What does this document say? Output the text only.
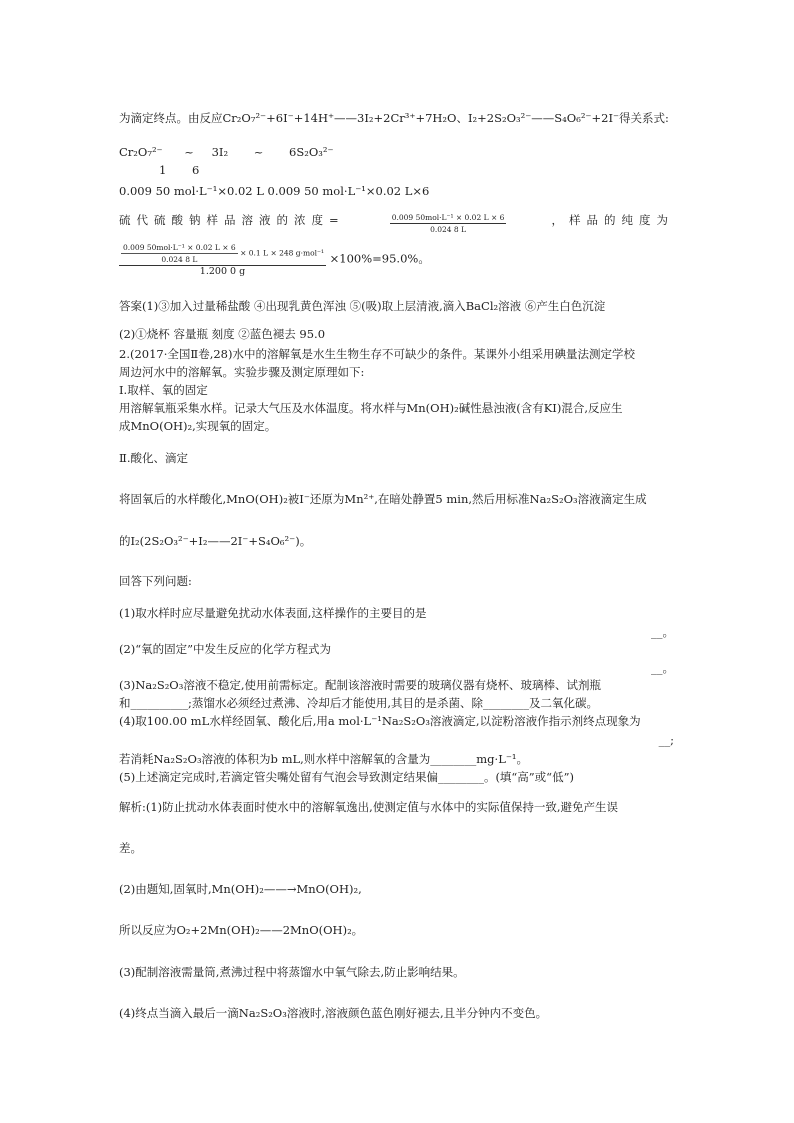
为滴定终点。由反应Cr₂O₇²⁻+6I⁻+14H⁺——3I₂+2Cr³⁺+7H₂O、I₂+2S₂O₃²⁻——S₄O₆²⁻+2I⁻得关系式:
Cr₂O₇²⁻ ~ 3I₂ ~ 6S₂O₃²⁻
1 6
0.009 50 mol·L⁻¹×0.02 L 0.009 50 mol·L⁻¹×0.02 L×6
硫代硫酸钠样品溶液的浓度=	$\frac{\text{0.009 50mol·L⁻¹ × 0.02 L × 6}}{0.024 8 L}$	，样品的纯度为
$\frac{\text{0.009 50mol·L⁻¹ × 0.02 L × 6}}{0.024 8 L} \times 0.1$ L × 248 g·mol⁻¹
1.200 0 g
×100%=95.0%。
答案(1)③加入过量稀盐酸 ④出现乳黄色浑浊 ⑤(吸)取上层清液,滴入BaCl₂溶液 ⑥产生白色沉淀
(2)①烧杯 容量瓶 刻度 ②蓝色褪去 95.0
2.(2017·全国Ⅱ卷,28)水中的溶解氧是水生生物生存不可缺少的条件。某课外小组采用碘量法测定学校
周边河水中的溶解氧。实验步骤及测定原理如下:
Ⅰ.取样、氧的固定
用溶解氧瓶采集水样。记录大气压及水体温度。将水样与Mn(OH)₂碱性悬浊液(含有KI)混合,反应生
成MnO(OH)₂,实现氧的固定。
Ⅱ.酸化、滴定
将固氧后的水样酸化,MnO(OH)₂被I⁻还原为Mn²⁺,在暗处静置5 min,然后用标准Na₂S₂O₃溶液滴定生成
的I₂(2S₂O₃²⁻+I₂——2I⁻+S₄O₆²⁻)。
回答下列问题:
(1)取水样时应尽量避免扰动水体表面,这样操作的主要目的是
__。
(2)“氧的固定”中发生反应的化学方程式为
__。
(3)Na₂S₂O₃溶液不稳定,使用前需标定。配制该溶液时需要的玻璃仪器有烧杯、玻璃棒、试剂瓶
和__________;蒸馏水必须经过煮沸、冷却后才能使用,其目的是杀菌、除________及二氧化碳。
(4)取100.00 mL水样经固氧、酸化后,用a mol·L⁻¹Na₂S₂O₃溶液滴定,以淀粉溶液作指示剂终点现象为
__;
若消耗Na₂S₂O₃溶液的体积为b mL,则水样中溶解氧的含量为________mg·L⁻¹。
(5)上述滴定完成时,若滴定管尖嘴处留有气泡会导致测定结果偏________。(填“高”或“低”)
解析:(1)防止扰动水体表面时使水中的溶解氧逸出,使测定值与水体中的实际值保持一致,避免产生误
差。
(2)由题知,固氧时,Mn(OH)₂——→MnO(OH)₂,
所以反应为O₂+2Mn(OH)₂——2MnO(OH)₂。
(3)配制溶液需量筒,煮沸过程中将蒸馏水中氧气除去,防止影响结果。
(4)终点当滴入最后一滴Na₂S₂O₃溶液时,溶液颜色蓝色刚好褪去,且半分钟内不变色。
